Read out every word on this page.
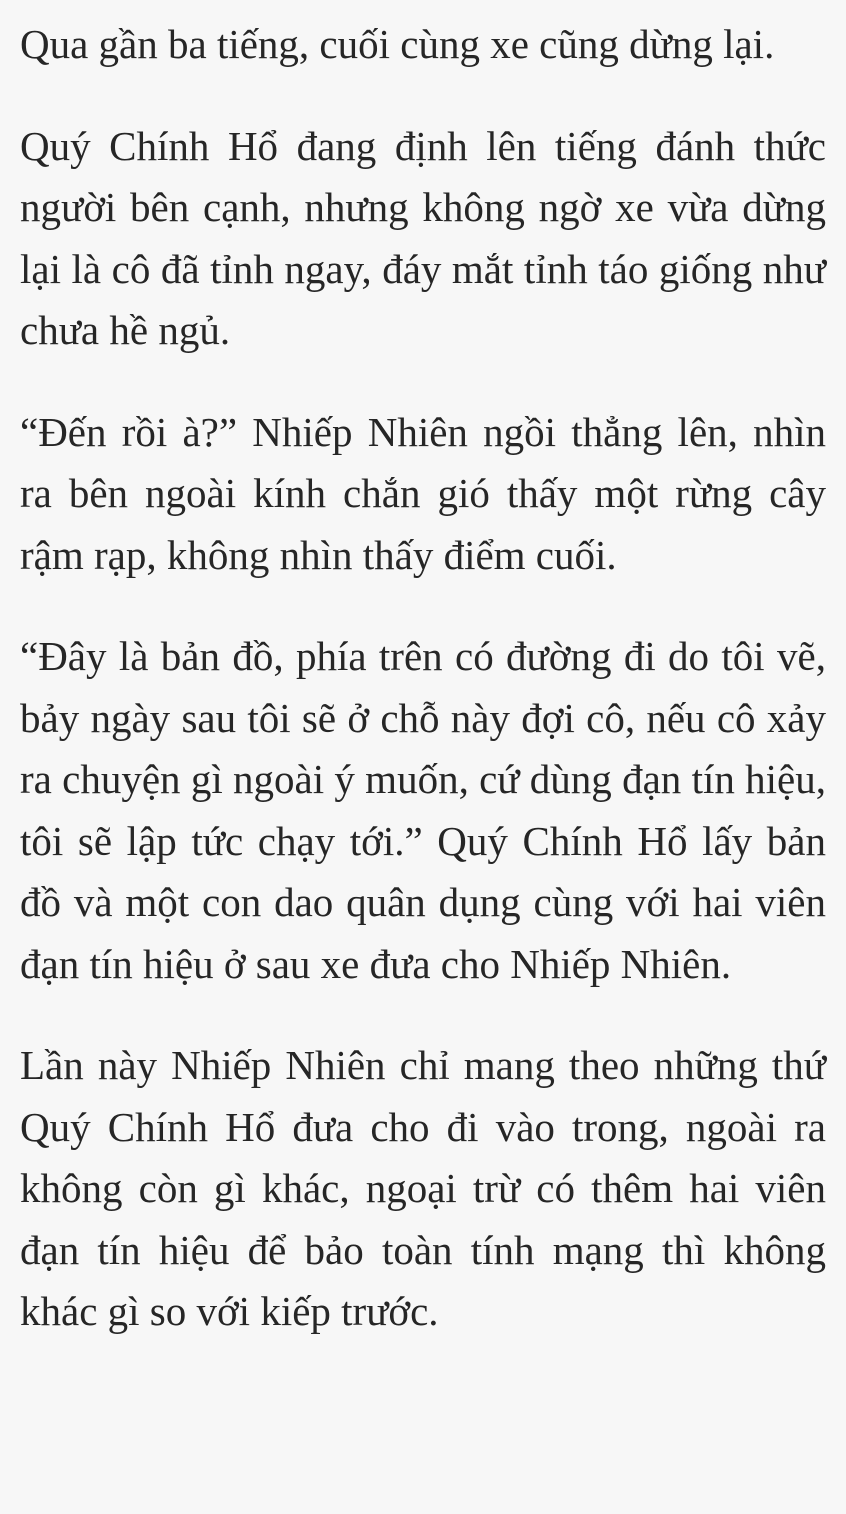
Qua gần ba tiếng, cuối cùng xe cũng dừng lại.

Quý Chính Hổ đang định lên tiếng đánh thức người bên cạnh, nhưng không ngờ xe vừa dừng lại là cô đã tỉnh ngay, đáy mắt tỉnh táo giống như chưa hề ngủ.

“Đến rồi à?” Nhiếp Nhiên ngồi thẳng lên, nhìn ra bên ngoài kính chắn gió thấy một rừng cây rậm rạp, không nhìn thấy điểm cuối.

“Đây là bản đồ, phía trên có đường đi do tôi vẽ, bảy ngày sau tôi sẽ ở chỗ này đợi cô, nếu cô xảy ra chuyện gì ngoài ý muốn, cứ dùng đạn tín hiệu, tôi sẽ lập tức chạy tới.” Quý Chính Hổ lấy bản đồ và một con dao quân dụng cùng với hai viên đạn tín hiệu ở sau xe đưa cho Nhiếp Nhiên.

Lần này Nhiếp Nhiên chỉ mang theo những thứ Quý Chính Hổ đưa cho đi vào trong, ngoài ra không còn gì khác, ngoại trừ có thêm hai viên đạn tín hiệu để bảo toàn tính mạng thì không khác gì so với kiếp trước.
